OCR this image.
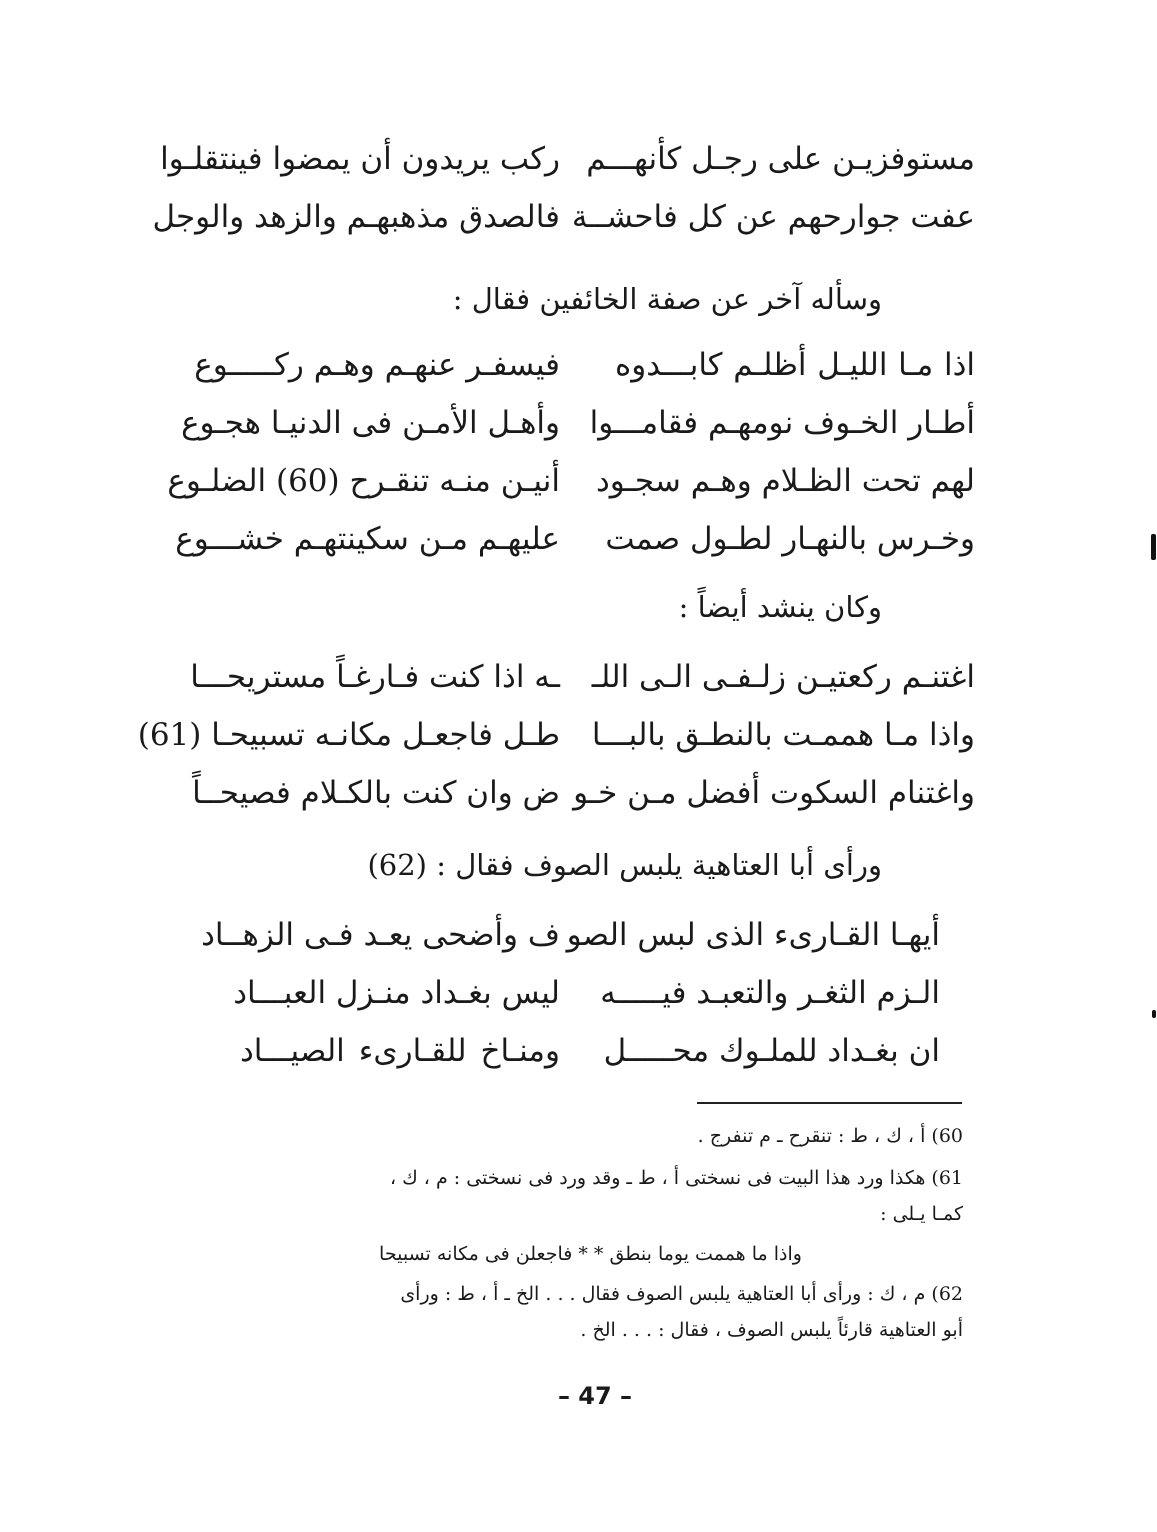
مستوفزيـن على رجـل كأنهـــم
ركب يريدون أن يمضوا فينتقلـوا
عفت جوارحهم عن كل فاحشــة
فالصدق مذهبهـم والزهد والوجل
وسأله آخر عن صفة الخائفين فقال :
اذا مـا الليـل أظلـم كابـــدوه
فيسفـر عنهـم وهـم ركـــــوع
أطـار الخـوف نومهـم فقامـــوا
وأهـل الأمـن فى الدنيـا هجـوع
لهم تحت الظـلام وهـم سجـود
أنيـن منـه تنقـرح (60) الضلـوع
وخـرس بالنهـار لطـول صمت
عليهـم مـن سكينتهـم خشـــوع
وكان ينشد أيضاً :
اغتنـم ركعتيـن زلـفـى الـى اللـ
ـه اذا كنت فـارغـاً مستريحـــا
واذا مـا هممـت بالنطـق بالبـــا
طـل فاجعـل مكانـه تسبيحـا (61)
واغتنام السكوت أفضل مـن خـو
ض وان كنت بالكـلام فصيحــاً
ورأى أبا العتاهية يلبس الصوف فقال : (62)
أيهـا القـارىء الذى لبس الصو
ف وأضحى يعـد فـى الزهــاد
الـزم الثغـر والتعبـد فيـــــه
ليس بغـداد منـزل العبـــاد
ان بغـداد للملـوك محـــــل
ومنـاخ للقـارىء الصيـــاد
60) أ ، ك ، ط : تنقرح ـ م تنفرج .
61) هكذا ورد هذا البيت فى نسختى أ ، ط ـ وقد ورد فى نسختى : م ، ك ،
كمـا يـلى :
واذا ما هممت يوما بنطق * * فاجعلن فى مكانه تسبيحا
62) م ، ك : ورأى أبا العتاهية يلبس الصوف فقال . . . الخ ـ أ ، ط : ورأى
أبو العتاهية قارئاً يلبس الصوف ، فقال : . . . الخ .
– 47 –
